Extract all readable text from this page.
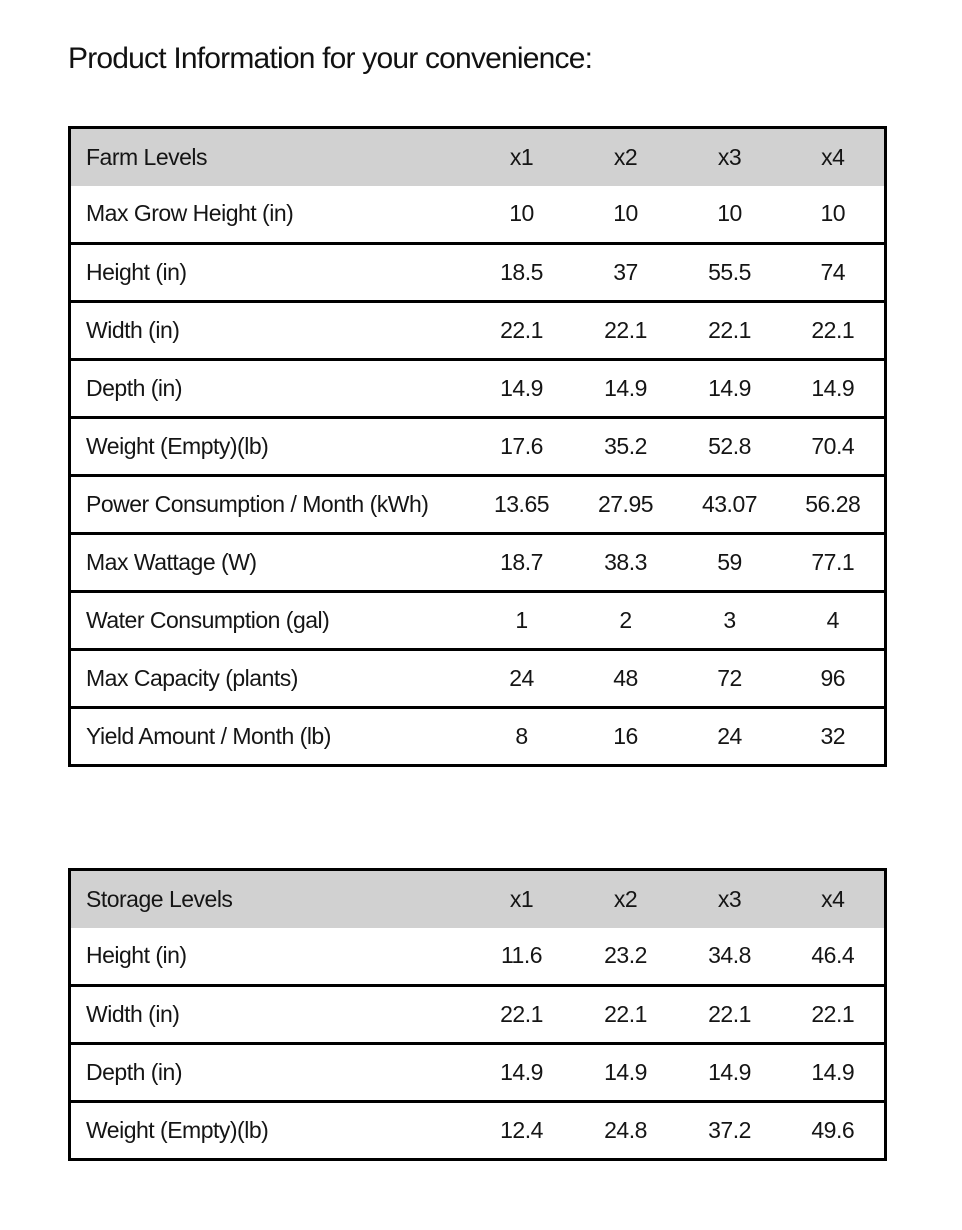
Product Information for your convenience:
Farm Levels	x1	x2	x3	x4
Max Grow Height (in)	10	10	10	10
Height (in)	18.5	37	55.5	74
Width (in)	22.1	22.1	22.1	22.1
Depth (in)	14.9	14.9	14.9	14.9
Weight (Empty)(lb)	17.6	35.2	52.8	70.4
Power Consumption / Month (kWh)	13.65	27.95	43.07	56.28
Max Wattage (W)	18.7	38.3	59	77.1
Water Consumption (gal)	1	2	3	4
Max Capacity (plants)	24	48	72	96
Yield Amount / Month (lb)	8	16	24	32
Storage Levels	x1	x2	x3	x4
Height (in)	11.6	23.2	34.8	46.4
Width (in)	22.1	22.1	22.1	22.1
Depth (in)	14.9	14.9	14.9	14.9
Weight (Empty)(lb)	12.4	24.8	37.2	49.6
